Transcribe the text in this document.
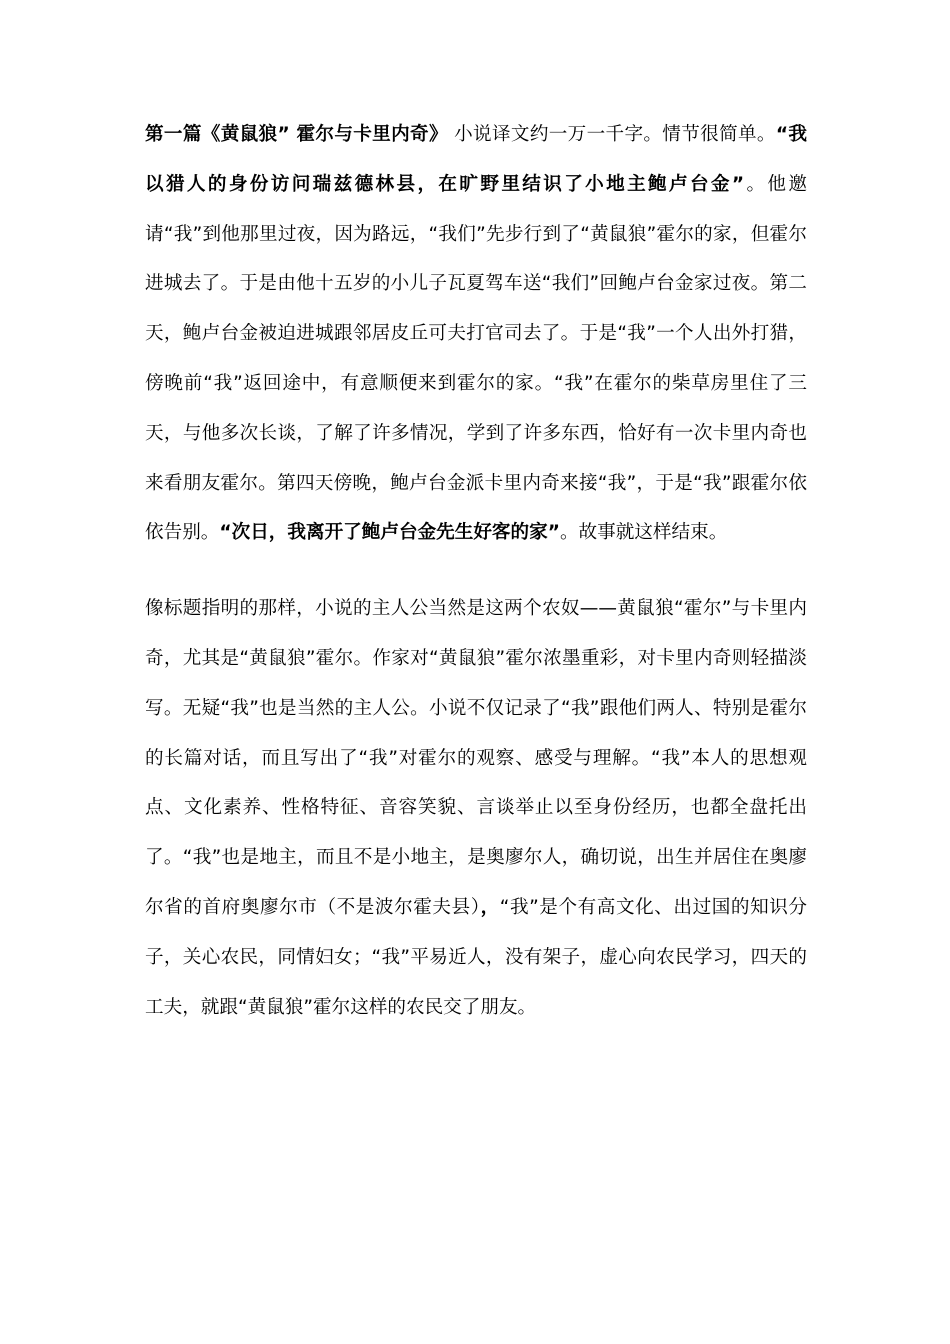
第一篇《黄鼠狼” 霍尔与卡里内奇》 小说译文约一万一千字。情节很简单。“我以猎人的身份访问瑞兹德林县，在旷野里结识了小地主鲍卢台金”。他邀请“我”到他那里过夜，因为路远，“我们”先步行到了“黄鼠狼”霍尔的家，但霍尔进城去了。于是由他十五岁的小儿子瓦夏驾车送“我们”回鲍卢台金家过夜。第二天，鲍卢台金被迫进城跟邻居皮丘可夫打官司去了。于是“我”一个人出外打猎，傍晚前“我”返回途中，有意顺便来到霍尔的家。“我”在霍尔的柴草房里住了三天，与他多次长谈，了解了许多情况，学到了许多东西，恰好有一次卡里内奇也来看朋友霍尔。第四天傍晚，鲍卢台金派卡里内奇来接“我”，于是“我”跟霍尔依依告别。“次日，我离开了鲍卢台金先生好客的家”。故事就这样结束。

像标题指明的那样，小说的主人公当然是这两个农奴——黄鼠狼“霍尔”与卡里内奇，尤其是“黄鼠狼”霍尔。作家对“黄鼠狼”霍尔浓墨重彩，对卡里内奇则轻描淡写。无疑“我”也是当然的主人公。小说不仅记录了“我”跟他们两人、特别是霍尔的长篇对话，而且写出了“我”对霍尔的观察、感受与理解。“我”本人的思想观点、文化素养、性格特征、音容笑貌、言谈举止以至身份经历，也都全盘托出了。“我”也是地主，而且不是小地主，是奥廖尔人，确切说，出生并居住在奥廖尔省的首府奥廖尔市（不是波尔霍夫县），“我”是个有高文化、出过国的知识分子，关心农民，同情妇女；“我”平易近人，没有架子，虚心向农民学习，四天的工夫，就跟“黄鼠狼”霍尔这样的农民交了朋友。
